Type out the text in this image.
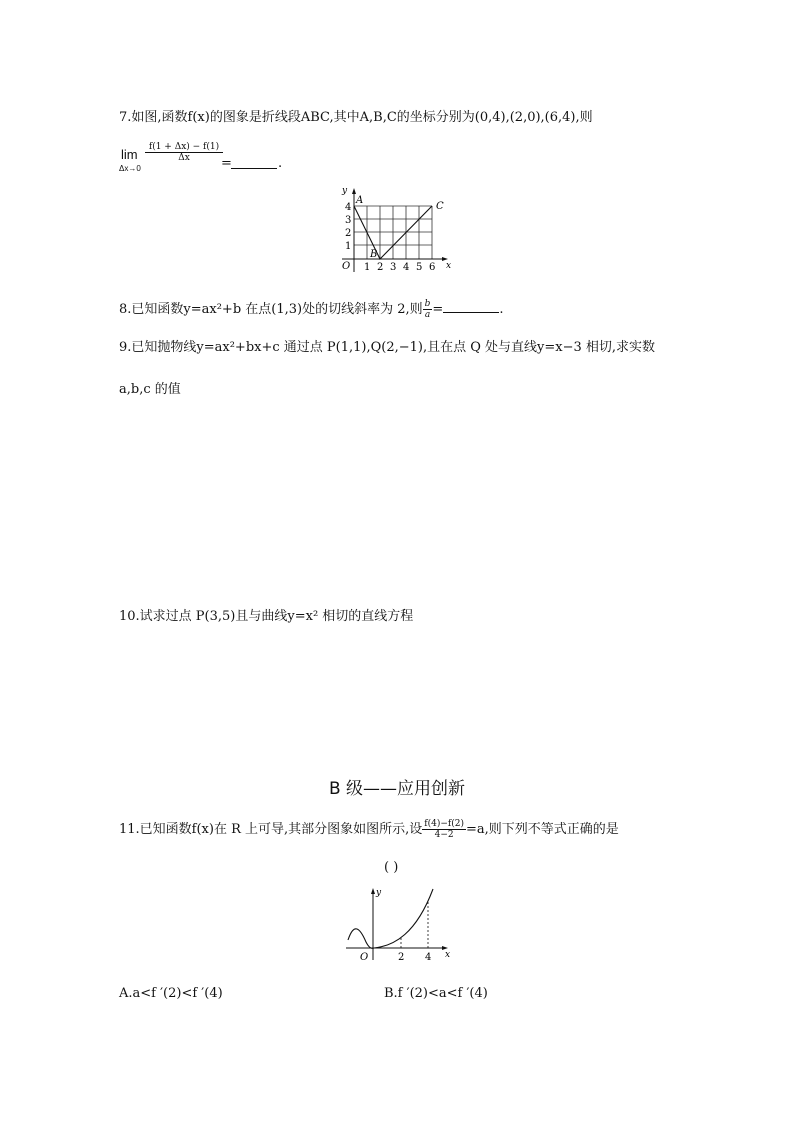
7.如图,函数f(x)的图象是折线段ABC,其中A,B,C的坐标分别为(0,4),(2,0),(6,4),则
lim
Δx→0
$\frac{f(1 + \Delta x) - f(1)}{\Delta x}$
=	.
y
x
O 1 2 3 4 5 6
1
2
3
4
A
B
C
8.已知函数y=ax²+b 在点(1,3)处的切线斜率为 2,则 $\frac{b}{a}$ =	.
9.已知抛物线y=ax²+bx+c 通过点 P(1,1),Q(2,−1),且在点 Q 处与直线y=x−3 相切,求实数
a,b,c 的值
10.试求过点 P(3,5)且与曲线y=x² 相切的直线方程
B 级——应用创新
11.已知函数f(x)在 R 上可导,其部分图象如图所示,设 $\frac{f(4)-f(2)}{4-2} =a$,则下列不等式正确的是
( )
y
x
O	2 4
A.a<f ′(2)<f ′(4)	B.f ′(2)<a<f ′(4)
